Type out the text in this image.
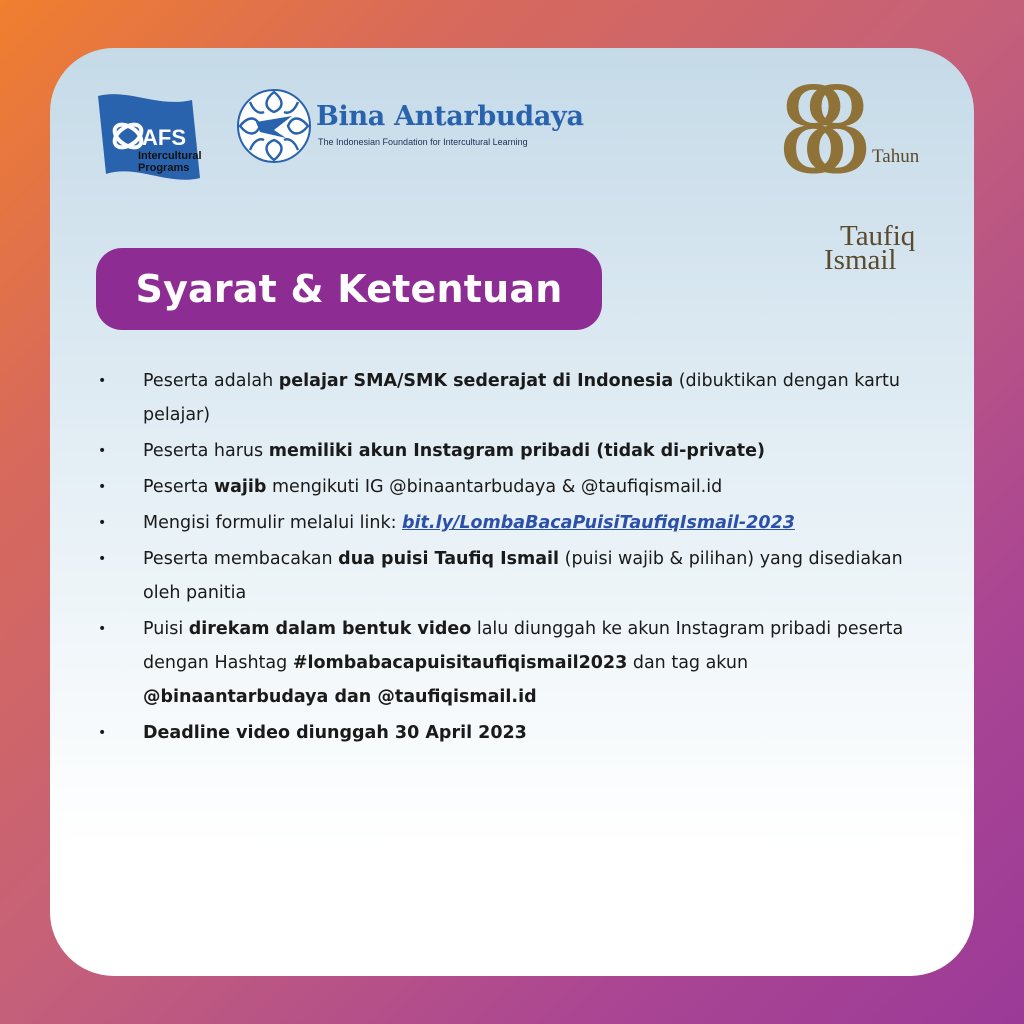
AFS
Intercultural
Programs
Bina Antarbudaya
The Indonesian Foundation for Intercultural Learning 88	Tahun
Taufiq
Ismail
Syarat & Ketentuan
• Peserta adalah pelajar SMA/SMK sederajat di Indonesia (dibuktikan dengan kartu pelajar)
• Peserta harus memiliki akun Instagram pribadi (tidak di-private)
• Peserta wajib mengikuti IG @binaantarbudaya & @taufiqismail.id
• Mengisi formulir melalui link: bit.ly/LombaBacaPuisiTaufiqIsmail-2023
• Peserta membacakan dua puisi Taufiq Ismail (puisi wajib & pilihan) yang disediakan oleh panitia
• Puisi direkam dalam bentuk video lalu diunggah ke akun Instagram pribadi peserta dengan Hashtag #lombabacapuisitaufiqismail2023 dan tag akun @binaantarbudaya dan @taufiqismail.id
• Deadline video diunggah 30 April 2023
